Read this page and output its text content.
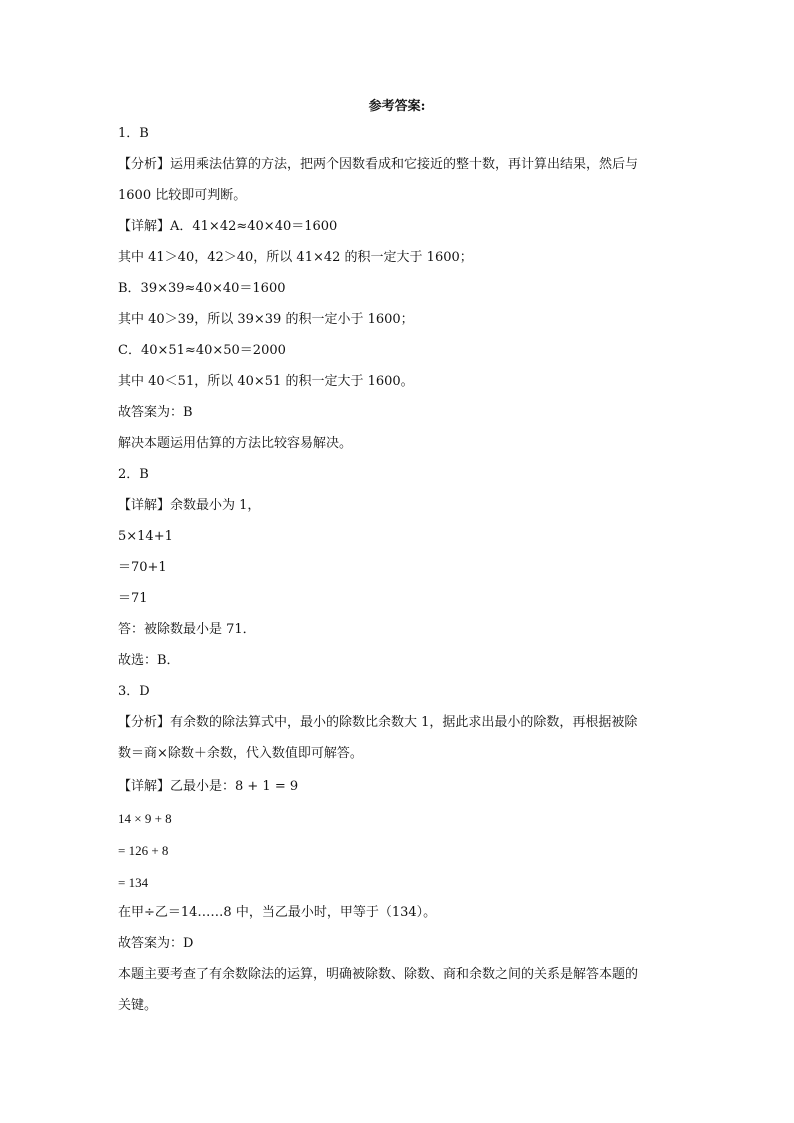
参考答案:
1．B
【分析】运用乘法估算的方法，把两个因数看成和它接近的整十数，再计算出结果，然后与
1600 比较即可判断。
【详解】A．41×42≈40×40＝1600
其中 41＞40，42＞40，所以 41×42 的积一定大于 1600；
B．39×39≈40×40＝1600
其中 40＞39，所以 39×39 的积一定小于 1600；
C．40×51≈40×50＝2000
其中 40＜51，所以 40×51 的积一定大于 1600。
故答案为：B
解决本题运用估算的方法比较容易解决。
2．B
【详解】余数最小为 1，
5×14+1
＝70+1
＝71
答：被除数最小是 71．
故选：B．
3．D
【分析】有余数的除法算式中，最小的除数比余数大 1，据此求出最小的除数，再根据被除
数＝商×除数＋余数，代入数值即可解答。
【详解】乙最小是：8 + 1 = 9
14 × 9 + 8
= 126 + 8
= 134
在甲÷乙＝14……8 中，当乙最小时，甲等于（134）。
故答案为：D
本题主要考查了有余数除法的运算，明确被除数、除数、商和余数之间的关系是解答本题的
关键。
